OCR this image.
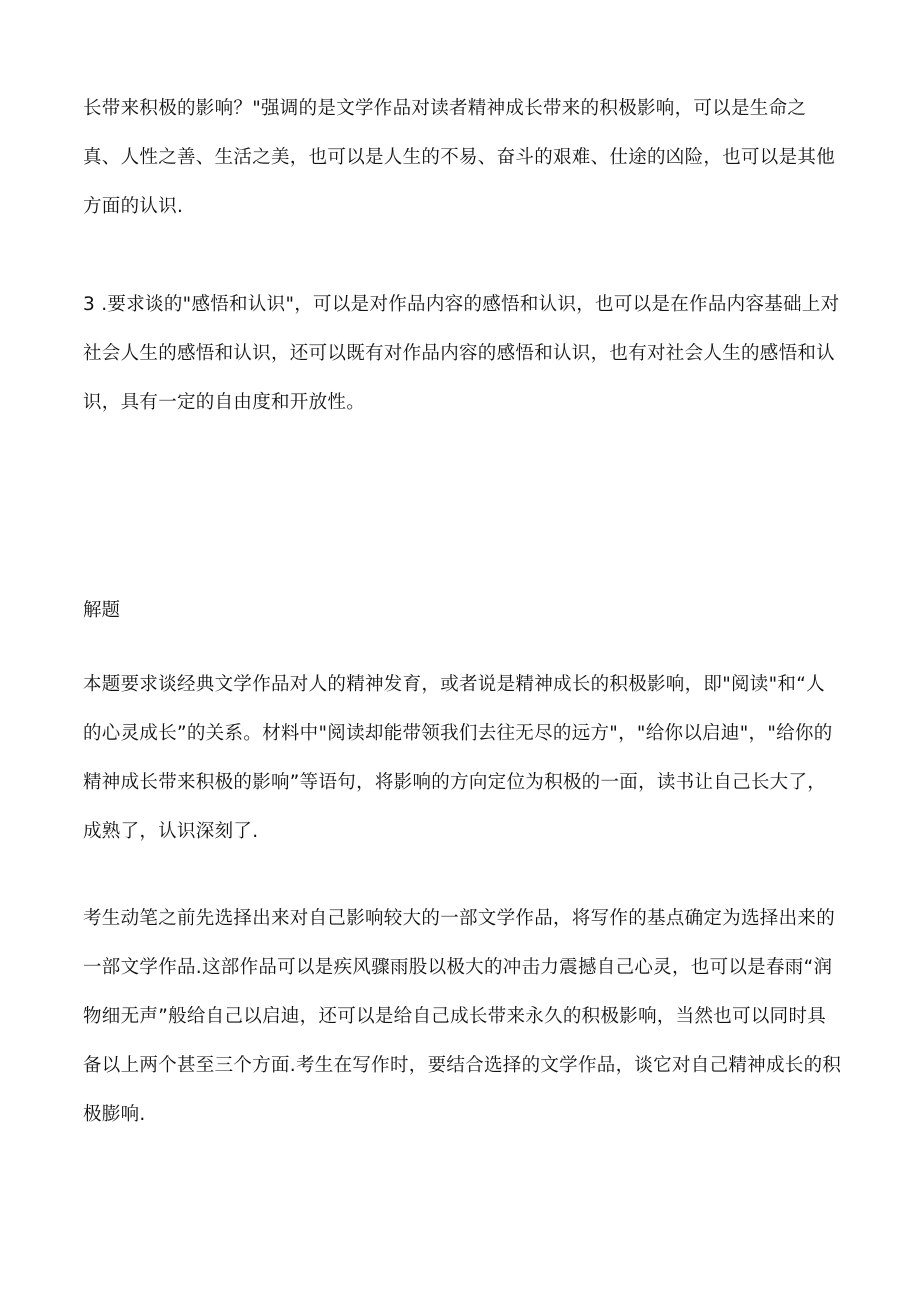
长带来积极的影响？"强调的是文学作品对读者精神成长带来的积极影响，可以是生命之真、人性之善、生活之美，也可以是人生的不易、奋斗的艰难、仕途的凶险，也可以是其他方面的认识.

3 .要求谈的"感悟和认识"，可以是对作品内容的感悟和认识，也可以是在作品内容基础上对社会人生的感悟和认识，还可以既有对作品内容的感悟和认识，也有对社会人生的感悟和认识，具有一定的自由度和开放性。

解题

本题要求谈经典文学作品对人的精神发育，或者说是精神成长的积极影响，即"阅读"和“人的心灵成长”的关系。材料中"阅读却能带领我们去往无尽的远方"，"给你以启迪"，"给你的精神成长带来积极的影响”等语句，将影响的方向定位为积极的一面，读书让自己长大了，成熟了，认识深刻了.

考生动笔之前先选择出来对自己影响较大的一部文学作品，将写作的基点确定为选择出来的一部文学作品.这部作品可以是疾风骤雨股以极大的冲击力震撼自己心灵，也可以是春雨“润物细无声”般给自己以启迪，还可以是给自己成长带来永久的积极影响，当然也可以同时具备以上两个甚至三个方面.考生在写作时，要结合选择的文学作品，谈它对自己精神成长的积极膨响.
